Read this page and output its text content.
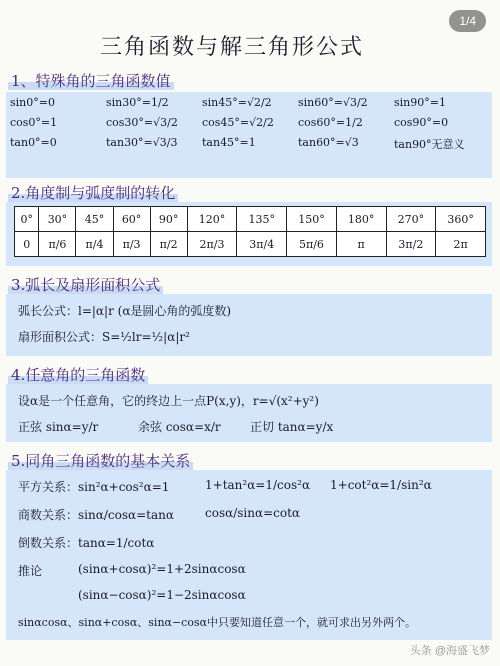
1/4
三角函数与解三角形公式
1、特殊角的三角函数值
sin0°=0	sin30°=1/2	sin45°=√2/2	sin60°=√3/2	sin90°=1
cos0°=1	cos30°=√3/2	cos45°=√2/2	cos60°=1/2	cos90°=0
tan0°=0	tan30°=√3/3	tan45°=1	tan60°=√3	tan90°无意义
2.角度制与弧度制的转化
0°	30°	45°	60°	90°	120°	135°	150°	180°	270°	360°
0	π/6	π/4	π/3	π/2	2π/3	3π/4	5π/6	π	3π/2	2π
3.弧长及扇形面积公式
弧长公式：l=|α|r (α是圆心角的弧度数)
扇形面积公式：S=½lr=½|α|r²
4.任意角的三角函数
设α是一个任意角，它的终边上一点P(x,y)，r=√(x²+y²)
正弦 sinα=y/r	余弦 cosα=x/r 正切 tanα=y/x
5.同角三角函数的基本关系
平方关系：sin²α+cos²α=1	1+tan²α=1/cos²α 1+cot²α=1/sin²α
商数关系：sinα/cosα=tanα	cosα/sinα=cotα
倒数关系：tanα=1/cotα
推论	(sinα+cosα)²=1+2sinαcosα
(sinα−cosα)²=1−2sinαcosα
sinαcosα、sinα+cosα、sinα−cosα中只要知道任意一个，就可求出另外两个。
头条 @海盛飞梦
